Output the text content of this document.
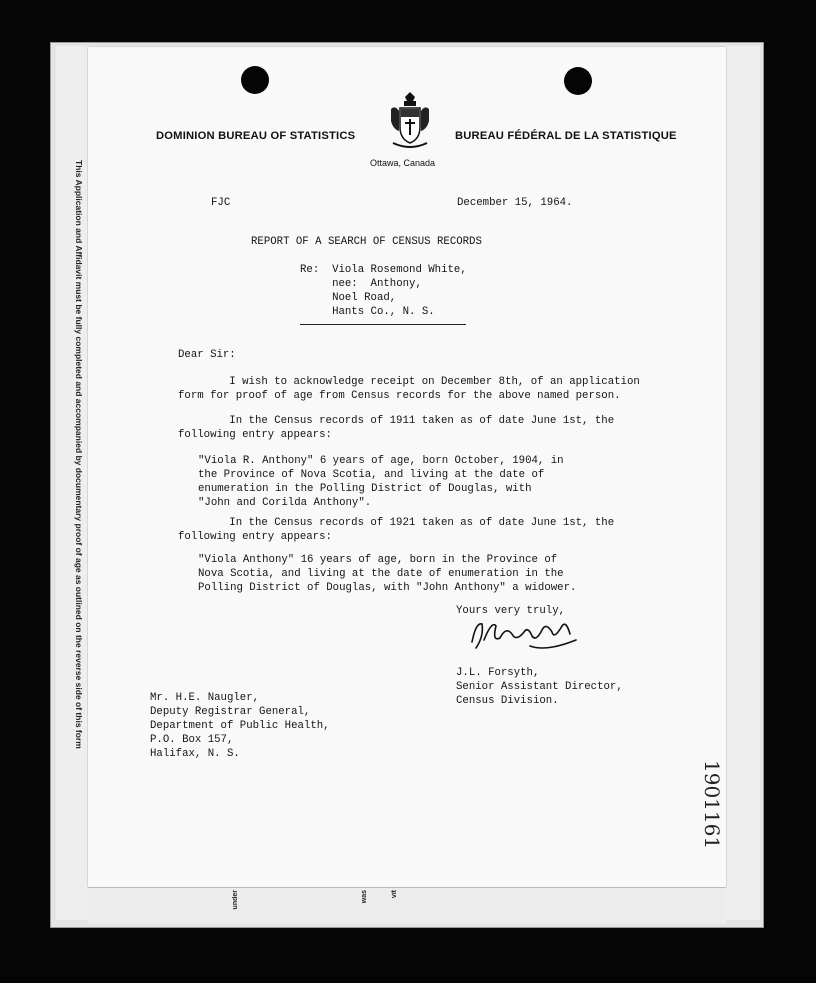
This Application and Affidavit must be fully completed and accompanied by documentary proof of age as outlined on the reverse side of this form
DOMINION BUREAU OF STATISTICS	BUREAU FÉDÉRAL DE LA STATISTIQUE
Ottawa, Canada
FJC	December 15, 1964.
REPORT OF A SEARCH OF CENSUS RECORDS
Re:  Viola Rosemond White,
nee:  Anthony,
Noel Road,
Hants Co., N. S.
Dear Sir:
I wish to acknowledge receipt on December 8th, of an application
form for proof of age from Census records for the above named person.
In the Census records of 1911 taken as of date June 1st, the
following entry appears:
"Viola R. Anthony" 6 years of age, born October, 1904, in
the Province of Nova Scotia, and living at the date of
enumeration in the Polling District of Douglas, with
"John and Corilda Anthony".
In the Census records of 1921 taken as of date June 1st, the
following entry appears:
"Viola Anthony" 16 years of age, born in the Province of
Nova Scotia, and living at the date of enumeration in the
Polling District of Douglas, with "John Anthony" a widower.
Yours very truly,
J.L. Forsyth,
Senior Assistant Director,
Census Division.
Mr. H.E. Naugler,
Deputy Registrar General,
Department of Public Health,
P.O. Box 157,
Halifax, N. S.
under	vit
was
1901161
